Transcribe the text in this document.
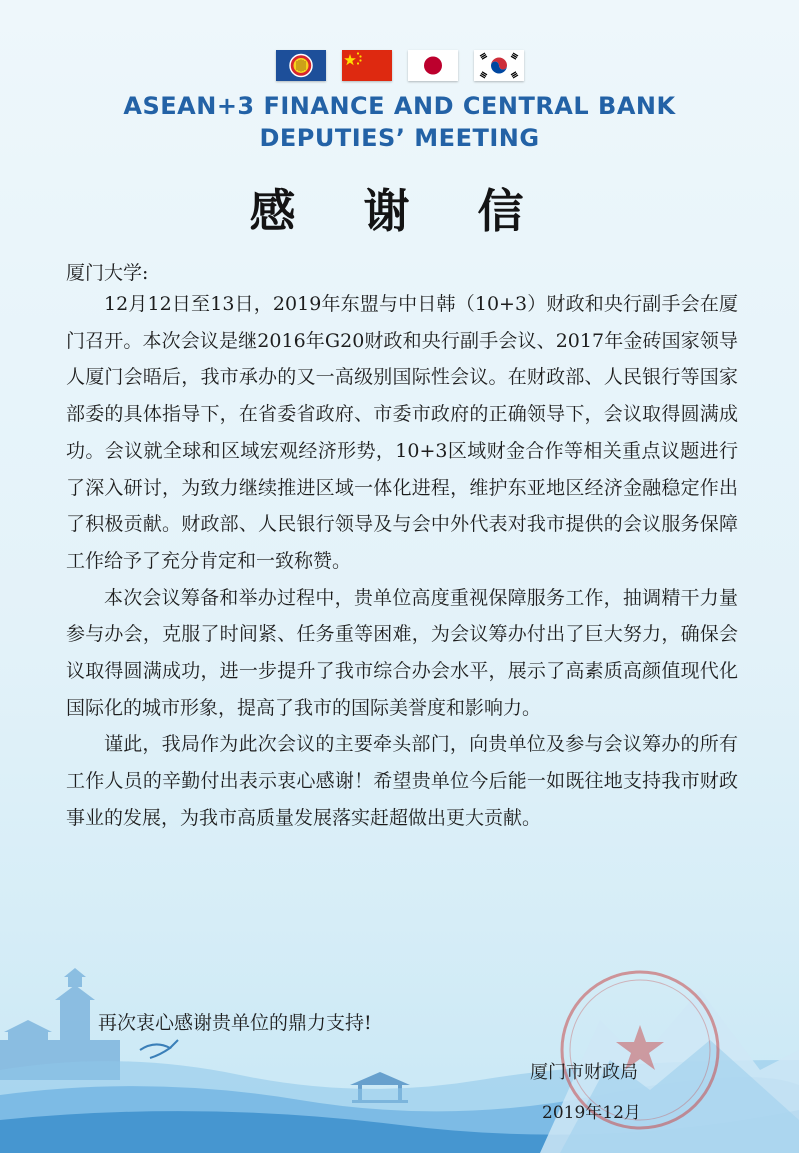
ASEAN+3 FINANCE AND CENTRAL BANK
DEPUTIES’ MEETING
感 谢 信
厦门大学:

12月12日至13日，2019年东盟与中日韩（10+3）财政和央行副手会在厦门召开。本次会议是继2016年G20财政和央行副手会议、2017年金砖国家领导人厦门会晤后，我市承办的又一高级别国际性会议。在财政部、人民银行等国家部委的具体指导下，在省委省政府、市委市政府的正确领导下，会议取得圆满成功。会议就全球和区域宏观经济形势，10+3区域财金合作等相关重点议题进行了深入研讨，为致力继续推进区域一体化进程，维护东亚地区经济金融稳定作出了积极贡献。财政部、人民银行领导及与会中外代表对我市提供的会议服务保障工作给予了充分肯定和一致称赞。

本次会议筹备和举办过程中，贵单位高度重视保障服务工作，抽调精干力量参与办会，克服了时间紧、任务重等困难，为会议筹办付出了巨大努力，确保会议取得圆满成功，进一步提升了我市综合办会水平，展示了高素质高颜值现代化国际化的城市形象，提高了我市的国际美誉度和影响力。

谨此，我局作为此次会议的主要牵头部门，向贵单位及参与会议筹办的所有工作人员的辛勤付出表示衷心感谢！希望贵单位今后能一如既往地支持我市财政事业的发展，为我市高质量发展落实赶超做出更大贡献。

再次衷心感谢贵单位的鼎力支持!
厦门市财政局
2019年12月
